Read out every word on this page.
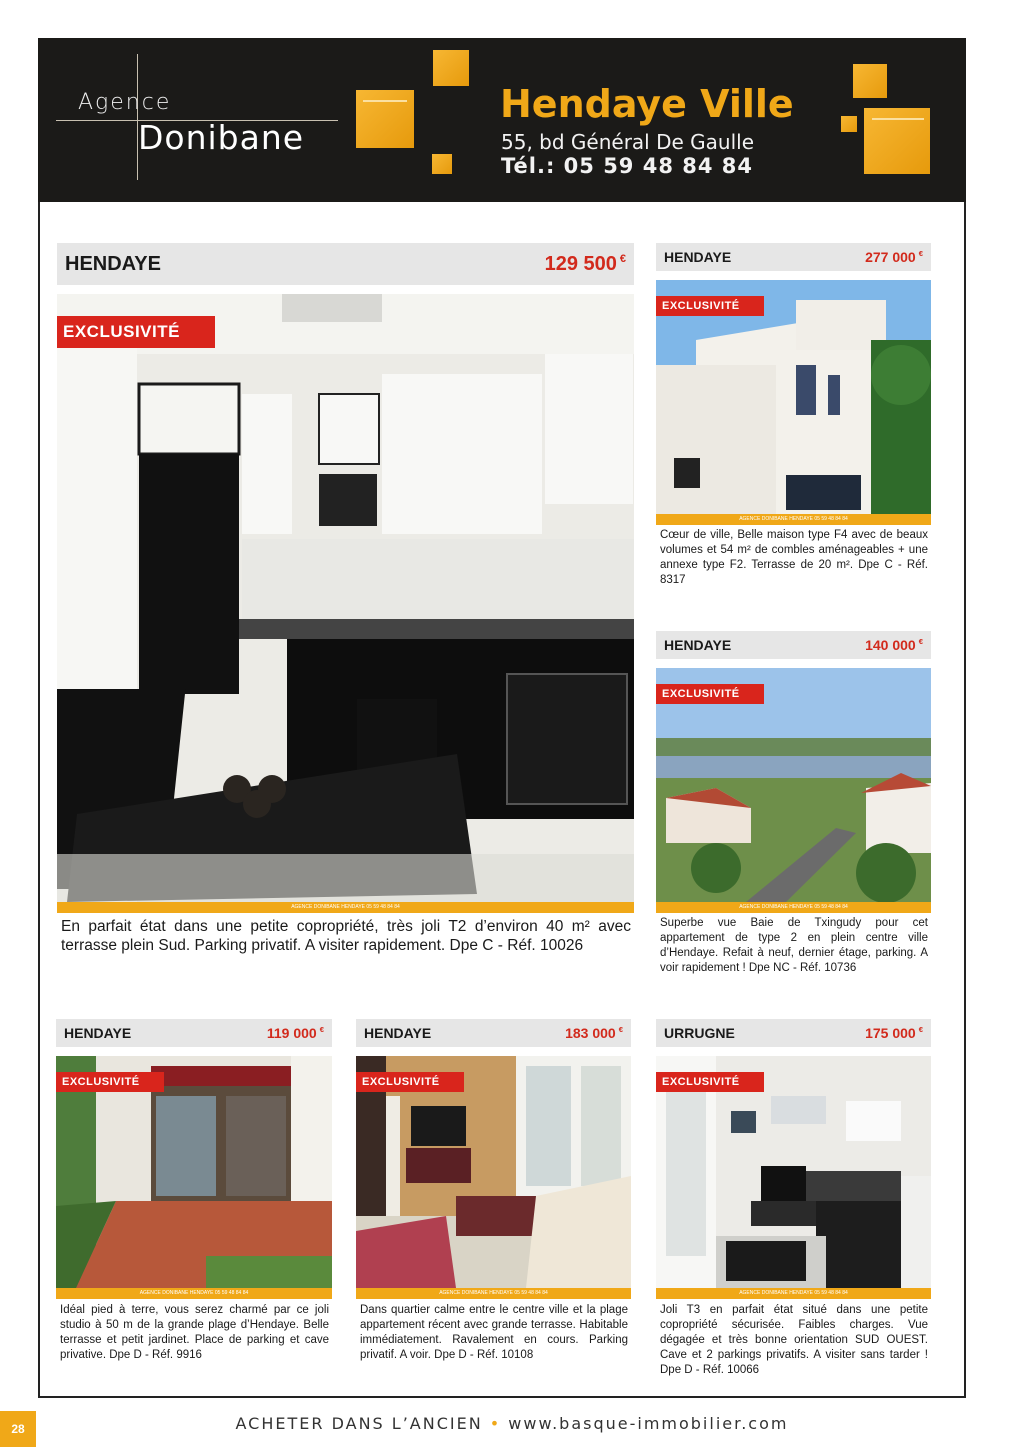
Agence
Donibane
Hendaye Ville
55, bd Général De Gaulle
Tél.: 05 59 48 84 84
HENDAYE	129 500 €
EXCLUSIVITÉ
AGENCE DONIBANE HENDAYE 05 59 48 84 84
En parfait état dans une petite copropriété, très joli T2 d’environ 40 m² avec terrasse plein Sud. Parking privatif. A visiter rapidement. Dpe C - Réf. 10026
HENDAYE	277 000 €
EXCLUSIVITÉ
AGENCE DONIBANE HENDAYE 05 59 48 84 84
Cœur de ville, Belle maison type F4 avec de beaux volumes et 54 m² de combles aménageables + une annexe type F2. Terrasse de 20 m². Dpe C - Réf. 8317
HENDAYE	140 000 €
EXCLUSIVITÉ
AGENCE DONIBANE HENDAYE 05 59 48 84 84
Superbe vue Baie de Txingudy pour cet appartement de type 2 en plein centre ville d’Hendaye. Refait à neuf, dernier étage, parking. A voir rapidement ! Dpe NC - Réf. 10736
HENDAYE	119 000 €
EXCLUSIVITÉ
AGENCE DONIBANE HENDAYE 05 59 48 84 84
Idéal pied à terre, vous serez charmé par ce joli studio à 50 m de la grande plage d’Hendaye. Belle terrasse et petit jardinet. Place de parking et cave privative. Dpe D - Réf. 9916
HENDAYE	183 000 €
EXCLUSIVITÉ
AGENCE DONIBANE HENDAYE 05 59 48 84 84
Dans quartier calme entre le centre ville et la plage appartement récent avec grande terrasse. Habitable immédiatement. Ravalement en cours. Parking privatif. A voir. Dpe D - Réf. 10108
URRUGNE	175 000 €
EXCLUSIVITÉ
AGENCE DONIBANE HENDAYE 05 59 48 84 84
Joli T3 en parfait état situé dans une petite copropriété sécurisée. Faibles charges. Vue dégagée et très bonne orientation SUD OUEST. Cave et 2 parkings privatifs. A visiter sans tarder ! Dpe D - Réf. 10066
28	ACHETER DANS L’ANCIEN • www.basque-immobilier.com
